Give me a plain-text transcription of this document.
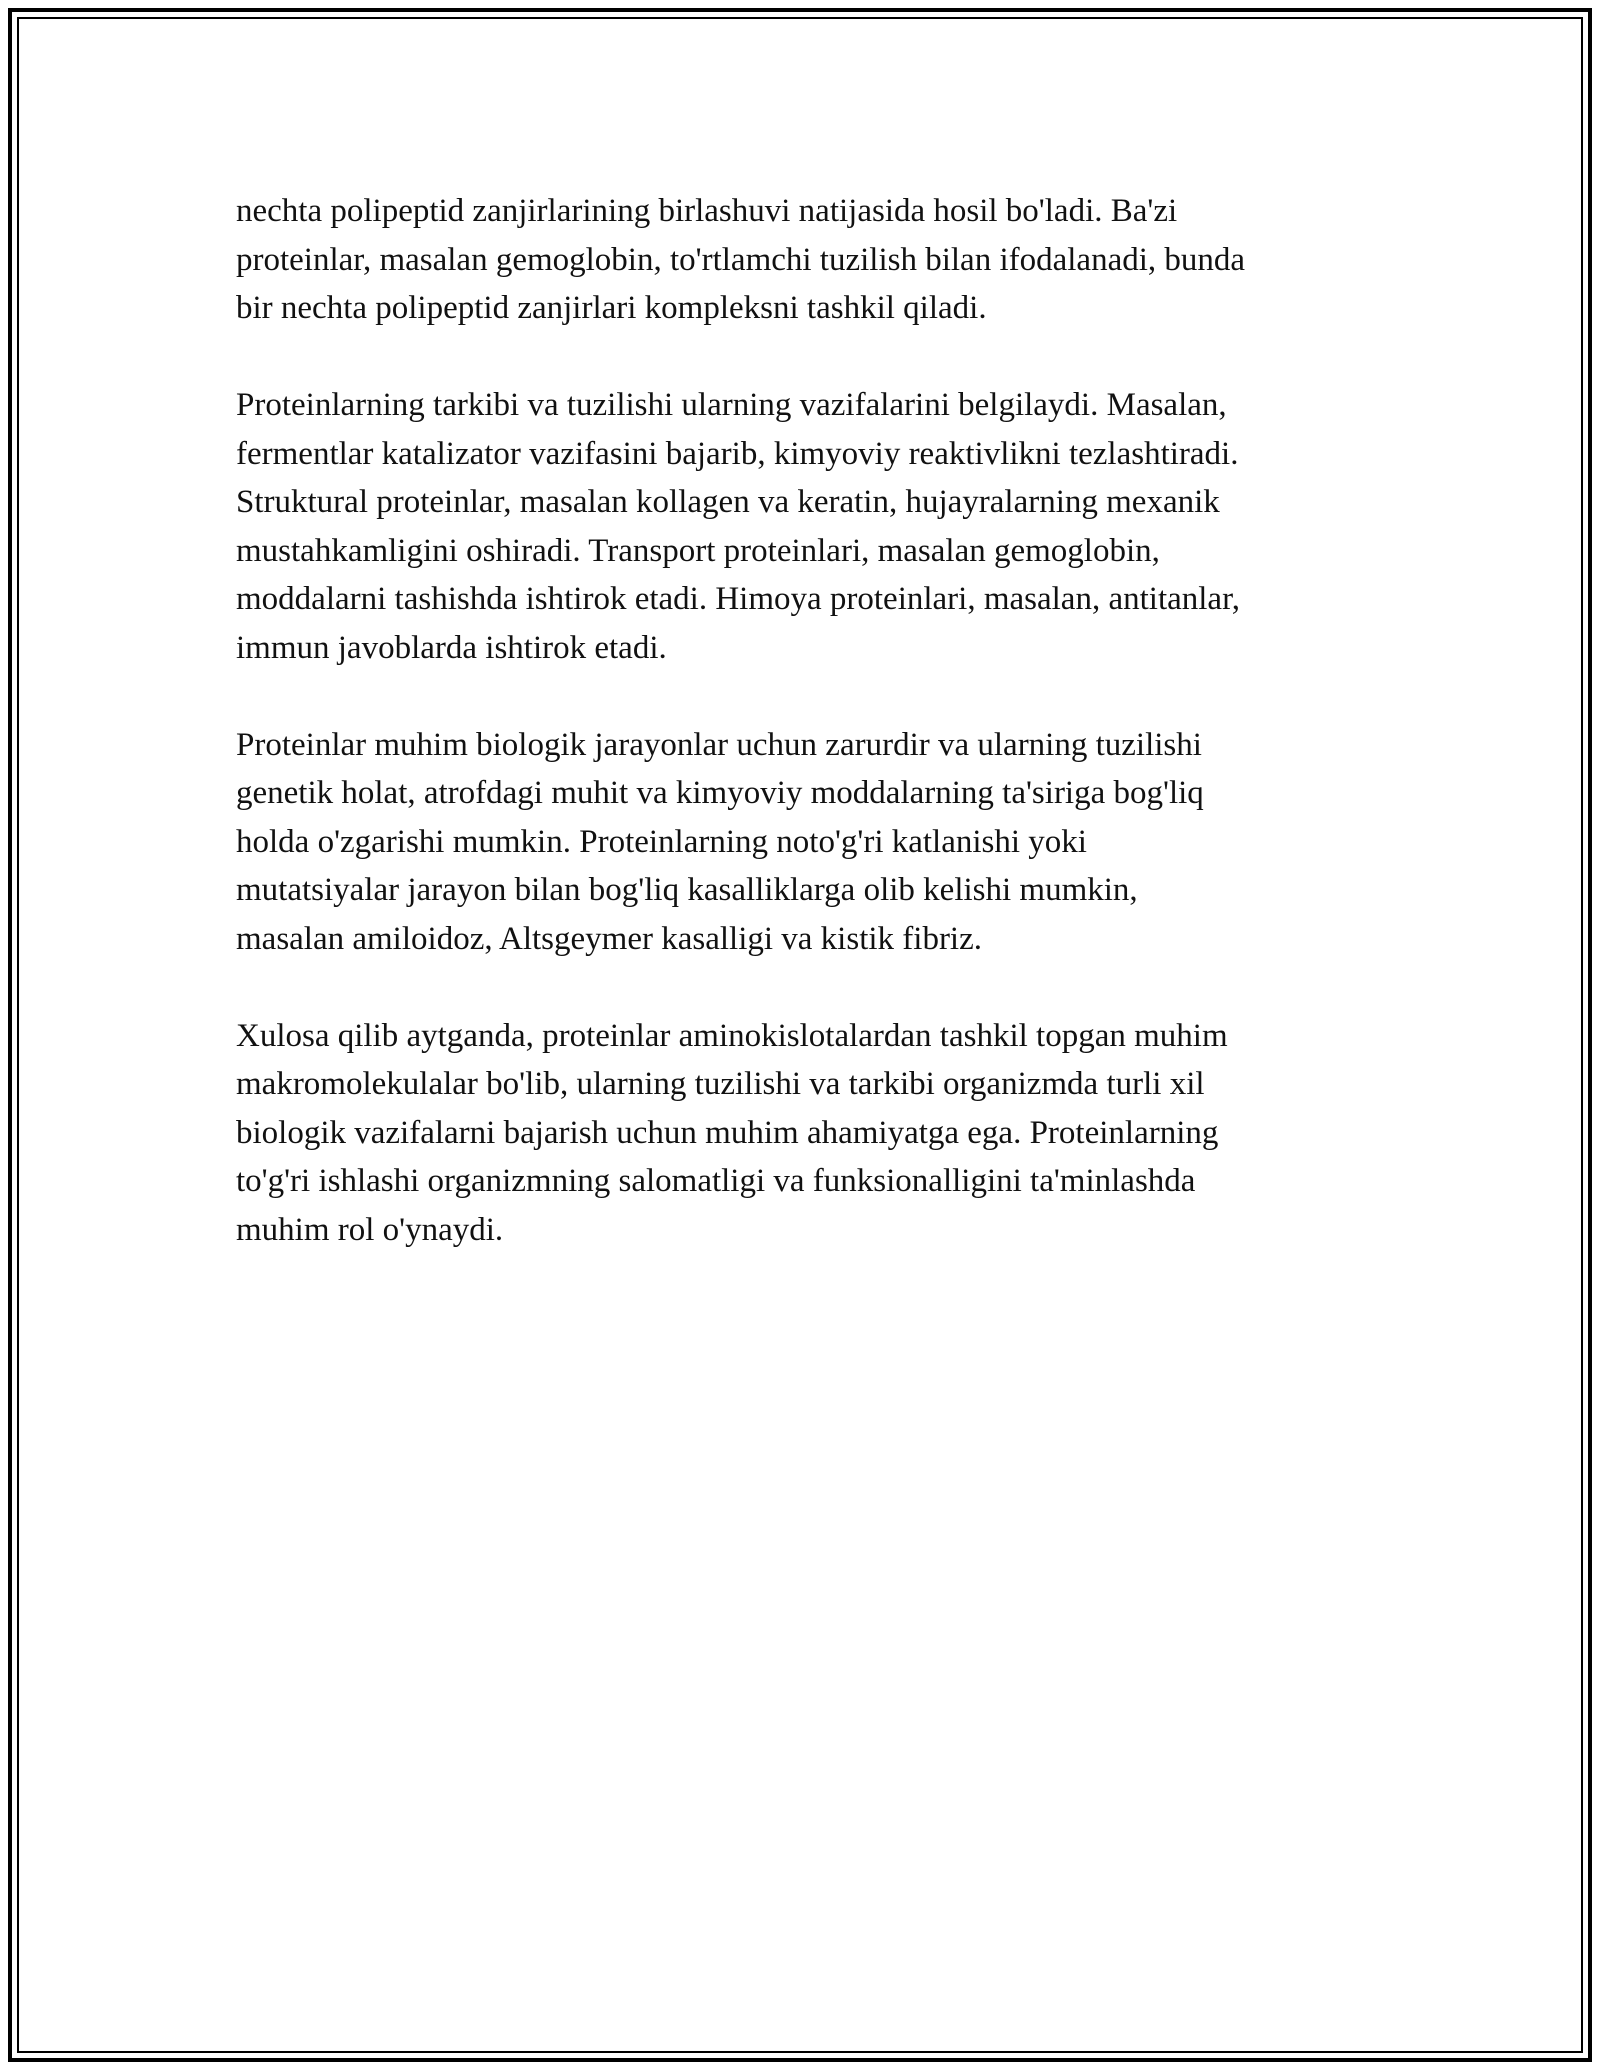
nechta polipeptid zanjirlarining birlashuvi natijasida hosil bo'ladi. Ba'zi
proteinlar, masalan gemoglobin, to'rtlamchi tuzilish bilan ifodalanadi, bunda
bir nechta polipeptid zanjirlari kompleksni tashkil qiladi.

Proteinlarning tarkibi va tuzilishi ularning vazifalarini belgilaydi. Masalan,
fermentlar katalizator vazifasini bajarib, kimyoviy reaktivlikni tezlashtiradi.
Struktural proteinlar, masalan kollagen va keratin, hujayralarning mexanik
mustahkamligini oshiradi. Transport proteinlari, masalan gemoglobin,
moddalarni tashishda ishtirok etadi. Himoya proteinlari, masalan, antitanlar,
immun javoblarda ishtirok etadi.

Proteinlar muhim biologik jarayonlar uchun zarurdir va ularning tuzilishi
genetik holat, atrofdagi muhit va kimyoviy moddalarning ta'siriga bog'liq
holda o'zgarishi mumkin. Proteinlarning noto'g'ri katlanishi yoki
mutatsiyalar jarayon bilan bog'liq kasalliklarga olib kelishi mumkin,
masalan amiloidoz, Altsgeymer kasalligi va kistik fibriz.

Xulosa qilib aytganda, proteinlar aminokislotalardan tashkil topgan muhim
makromolekulalar bo'lib, ularning tuzilishi va tarkibi organizmda turli xil
biologik vazifalarni bajarish uchun muhim ahamiyatga ega. Proteinlarning
to'g'ri ishlashi organizmning salomatligi va funksionalligini ta'minlashda
muhim rol o'ynaydi.
